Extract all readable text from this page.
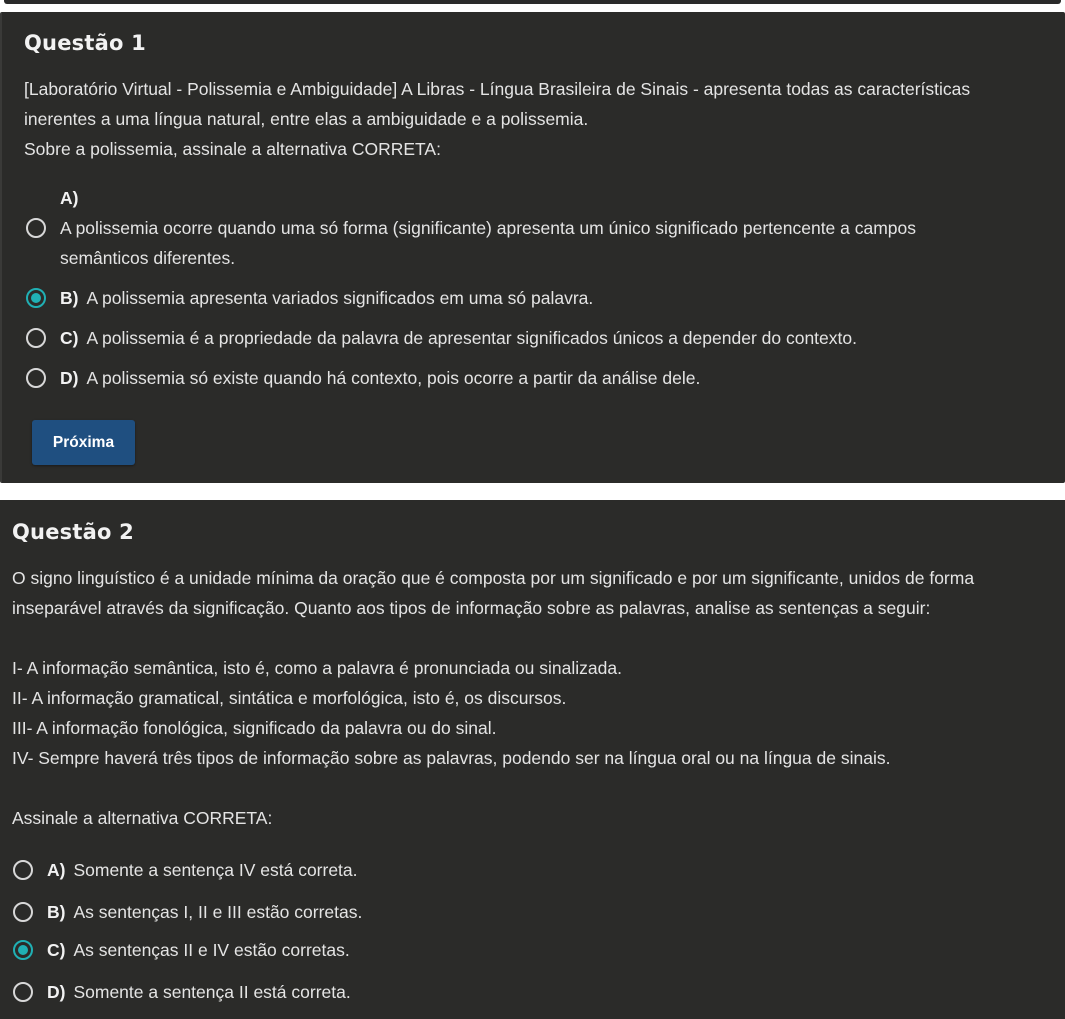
Questão 1
[Laboratório Virtual - Polissemia e Ambiguidade] A Libras - Língua Brasileira de Sinais - apresenta todas as características
inerentes a uma língua natural, entre elas a ambiguidade e a polissemia.
Sobre a polissemia, assinale a alternativa CORRETA:
A)
A polissemia ocorre quando uma só forma (significante) apresenta um único significado pertencente a campos
semânticos diferentes.
B) A polissemia apresenta variados significados em uma só palavra.
C) A polissemia é a propriedade da palavra de apresentar significados únicos a depender do contexto.
D) A polissemia só existe quando há contexto, pois ocorre a partir da análise dele.
Próxima
Questão 2
O signo linguístico é a unidade mínima da oração que é composta por um significado e por um significante, unidos de forma
inseparável através da significação. Quanto aos tipos de informação sobre as palavras, analise as sentenças a seguir:
I- A informação semântica, isto é, como a palavra é pronunciada ou sinalizada.
II- A informação gramatical, sintática e morfológica, isto é, os discursos.
III- A informação fonológica, significado da palavra ou do sinal.
IV- Sempre haverá três tipos de informação sobre as palavras, podendo ser na língua oral ou na língua de sinais.
Assinale a alternativa CORRETA:
A) Somente a sentença IV está correta.
B) As sentenças I, II e III estão corretas.
C) As sentenças II e IV estão corretas.
D) Somente a sentença II está correta.
